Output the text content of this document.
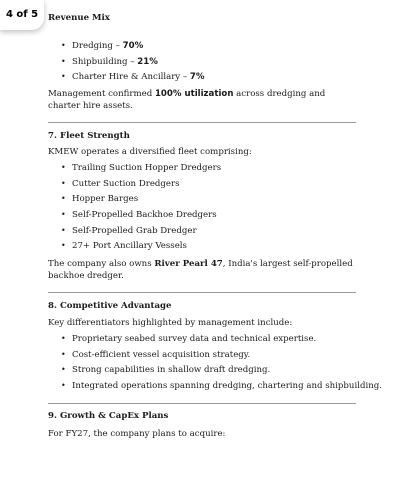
4 of 5	Revenue Mix
• Dredging – 70%
• Shipbuilding – 21%
• Charter Hire & Ancillary – 7%

Management confirmed 100% utilization across dredging and charter hire assets.

7. Fleet Strength

KMEW operates a diversified fleet comprising:

• Trailing Suction Hopper Dredgers
• Cutter Suction Dredgers
• Hopper Barges
• Self-Propelled Backhoe Dredgers
• Self-Propelled Grab Dredger
• 27+ Port Ancillary Vessels

The company also owns River Pearl 47, India's largest self-propelled backhoe dredger.

8. Competitive Advantage

Key differentiators highlighted by management include:

• Proprietary seabed survey data and technical expertise.
• Cost-efficient vessel acquisition strategy.
• Strong capabilities in shallow draft dredging.
• Integrated operations spanning dredging, chartering and shipbuilding.
9. Growth & CapEx Plans

For FY27, the company plans to acquire:
